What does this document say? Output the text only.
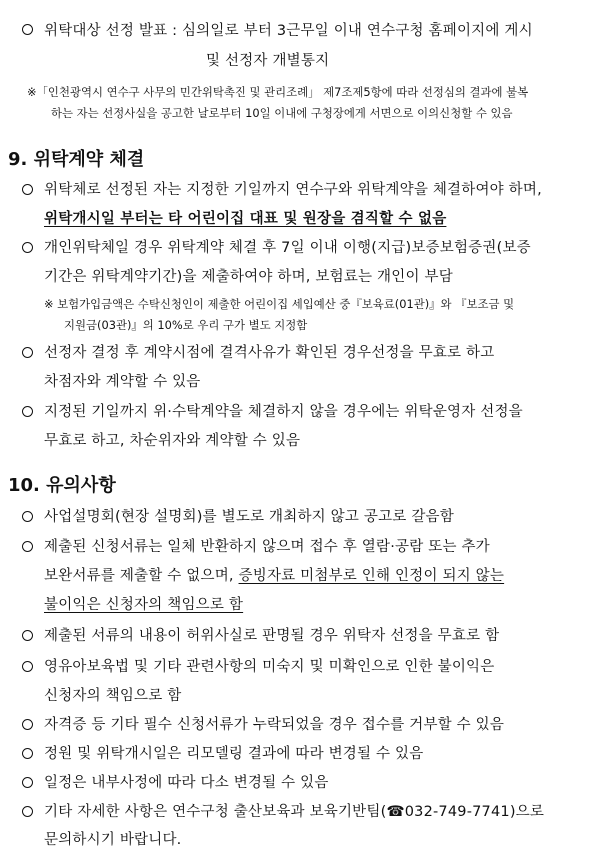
위탁대상 선정 발표 : 심의일로 부터 3근무일 이내 연수구청 홈페이지에 게시
및 선정자 개별통지
※「인천광역시 연수구 사무의 민간위탁촉진 및 관리조례」 제7조제5항에 따라 선정심의 결과에 불복
하는 자는 선정사실을 공고한 날로부터 10일 이내에 구청장에게 서면으로 이의신청할 수 있음
9. 위탁계약 체결
위탁체로 선정된 자는 지정한 기일까지 연수구와 위탁계약을 체결하여야 하며,
위탁개시일 부터는 타 어린이집 대표 및 원장을 겸직할 수 없음
개인위탁체일 경우 위탁계약 체결 후 7일 이내 이행(지급)보증보험증권(보증
기간은 위탁계약기간)을 제출하여야 하며, 보험료는 개인이 부담
※ 보험가입금액은 수탁신청인이 제출한 어린이집 세입예산 중『보육료(01관)』와 『보조금 및
지원금(03관)』의 10%로 우리 구가 별도 지정함
선정자 결정 후 계약시점에 결격사유가 확인된 경우선정을 무효로 하고
차점자와 계약할 수 있음
지정된 기일까지 위·수탁계약을 체결하지 않을 경우에는 위탁운영자 선정을
무효로 하고, 차순위자와 계약할 수 있음
10. 유의사항
사업설명회(현장 설명회)를 별도로 개최하지 않고 공고로 갈음함
제출된 신청서류는 일체 반환하지 않으며 접수 후 열람·공람 또는 추가
보완서류를 제출할 수 없으며, 증빙자료 미첨부로 인해 인정이 되지 않는
불이익은 신청자의 책임으로 함
제출된 서류의 내용이 허위사실로 판명될 경우 위탁자 선정을 무효로 함
영유아보육법 및 기타 관련사항의 미숙지 및 미확인으로 인한 불이익은
신청자의 책임으로 함
자격증 등 기타 필수 신청서류가 누락되었을 경우 접수를 거부할 수 있음
정원 및 위탁개시일은 리모델링 결과에 따라 변경될 수 있음
일정은 내부사정에 따라 다소 변경될 수 있음
기타 자세한 사항은 연수구청 출산보육과 보육기반팀(☎032-749-7741)으로
문의하시기 바랍니다.
